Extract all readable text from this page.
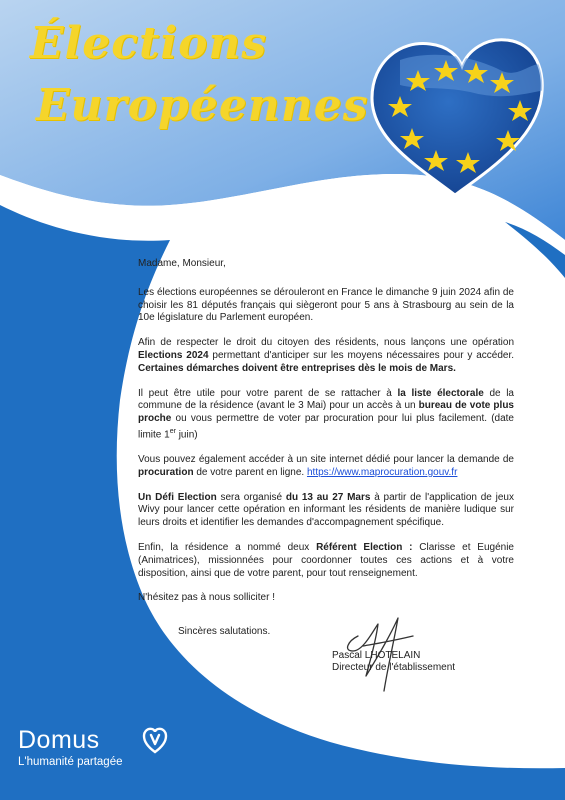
Élections
Européennes

Madame, Monsieur,

Les élections européennes se dérouleront en France le dimanche 9 juin 2024 afin de choisir les 81 députés français qui siègeront pour 5 ans à Strasbourg au sein de la 10e législature du Parlement européen.

Afin de respecter le droit du citoyen des résidents, nous lançons une opération Elections 2024 permettant d'anticiper sur les moyens nécessaires pour y accéder. Certaines démarches doivent être entreprises dès le mois de Mars.

Il peut être utile pour votre parent de se rattacher à la liste électorale de la commune de la résidence (avant le 3 Mai) pour un accès à un bureau de vote plus proche ou vous permettre de voter par procuration pour lui plus facilement. (date limite 1er juin)

Vous pouvez également accéder à un site internet dédié pour lancer la demande de procuration de votre parent en ligne. https://www.maprocuration.gouv.fr

Un Défi Election sera organisé du 13 au 27 Mars à partir de l'application de jeux Wivy pour lancer cette opération en informant les résidents de manière ludique sur leurs droits et identifier les demandes d'accompagnement spécifique.

Enfin, la résidence a nommé deux Référent Election : Clarisse et Eugénie (Animatrices), missionnées pour coordonner toutes ces actions et à votre disposition, ainsi que de votre parent, pour tout renseignement.

N'hésitez pas à nous solliciter !

Sincères salutations.
Pascal LHOTELAIN
Directeur de l'établissement
Domus
L'humanité partagée
